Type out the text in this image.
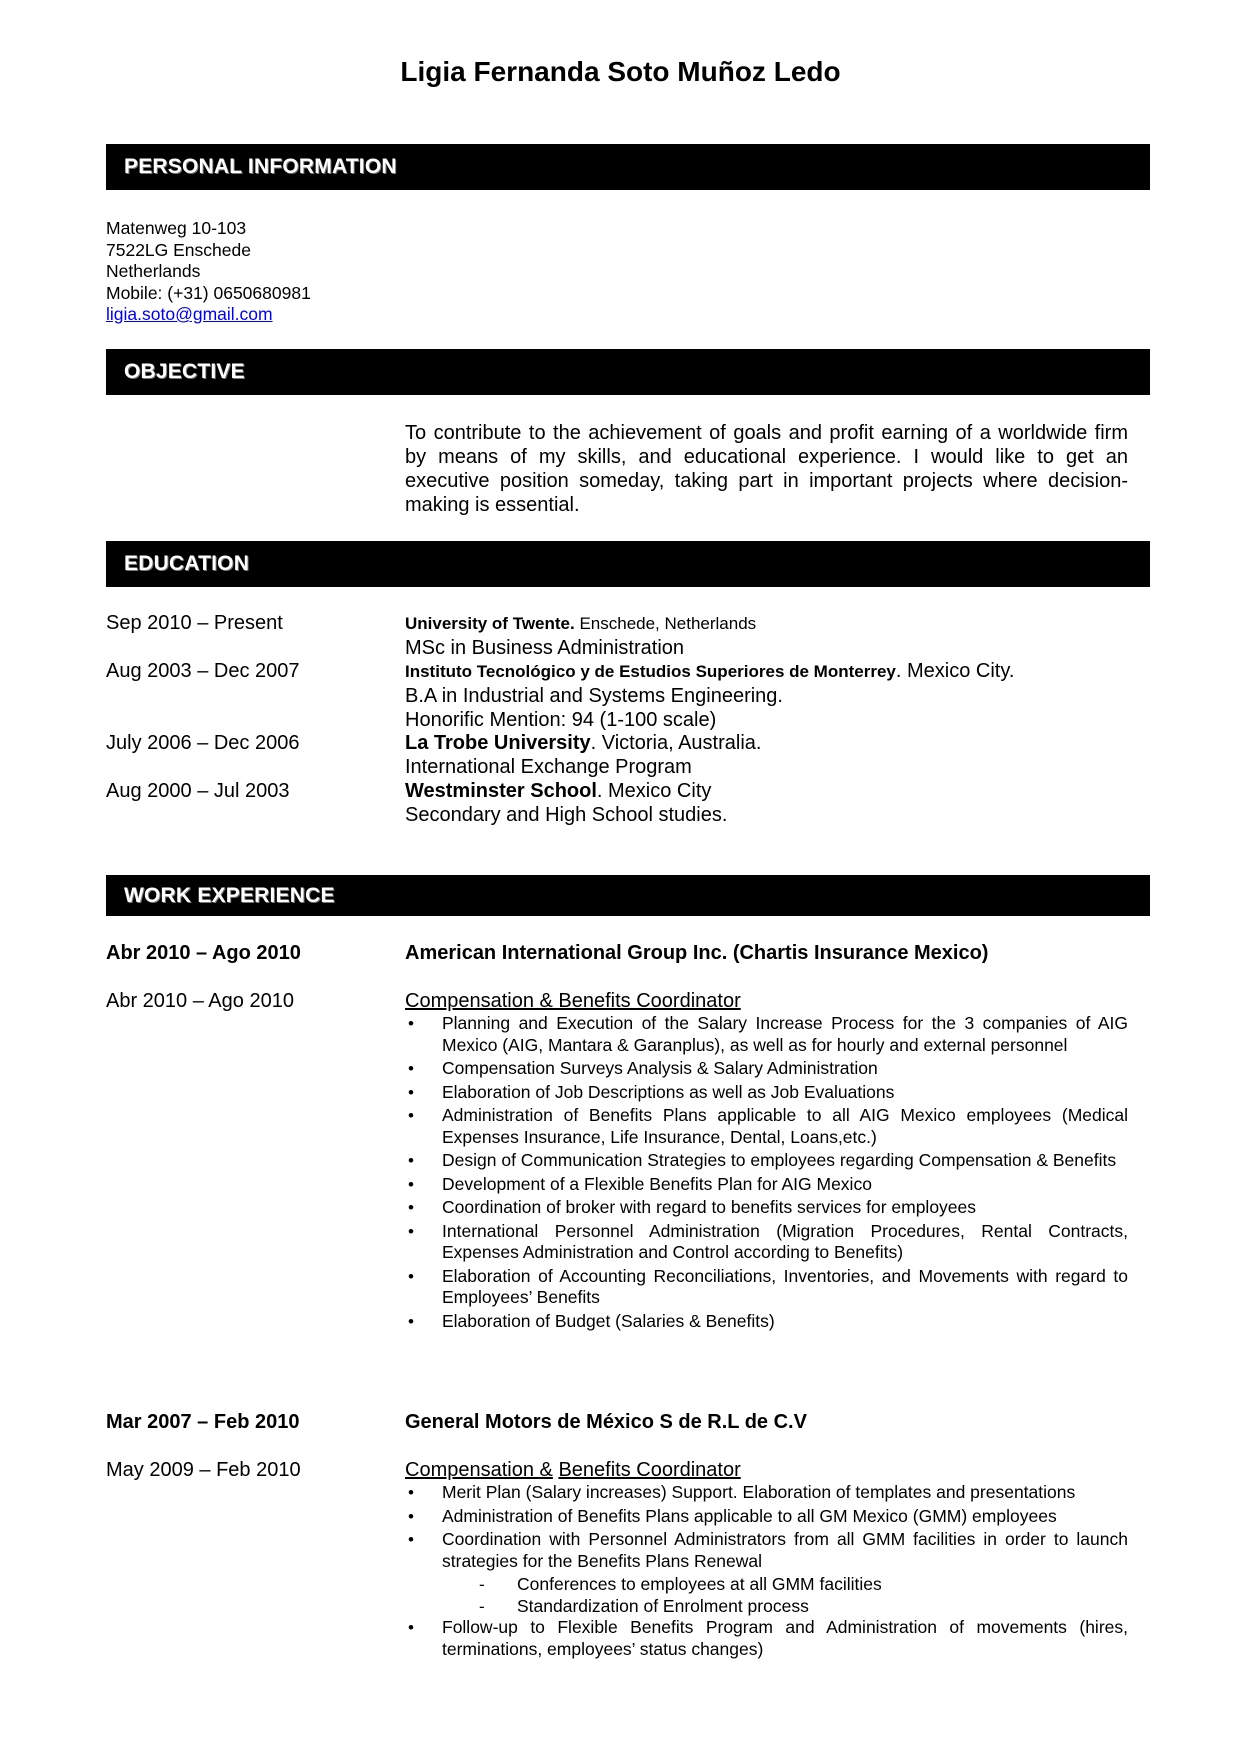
Ligia Fernanda Soto Muñoz Ledo
PERSONAL INFORMATION
Matenweg 10-103
7522LG Enschede
Netherlands
Mobile: (+31) 0650680981
ligia.soto@gmail.com
OBJECTIVE
To contribute to the achievement of goals and profit earning of a worldwide firm by means of my skills, and educational experience. I would like to get an executive position someday, taking part in important projects where decision-making is essential.
EDUCATION
Sep 2010 – Present	University of Twente. Enschede, Netherlands
MSc in Business Administration
Aug 2003 – Dec 2007	Instituto Tecnológico y de Estudios Superiores de Monterrey. Mexico City.
B.A in Industrial and Systems Engineering.
Honorific Mention: 94 (1-100 scale)
July 2006 – Dec 2006	La Trobe University. Victoria, Australia.
International Exchange Program
Aug 2000 – Jul 2003	Westminster School. Mexico City
Secondary and High School studies.
WORK EXPERIENCE
Abr 2010 – Ago 2010	American International Group Inc. (Chartis Insurance Mexico)
Abr 2010 – Ago 2010	Compensation & Benefits Coordinator
• Planning and Execution of the Salary Increase Process for the 3 companies of AIG Mexico (AIG, Mantara & Garanplus), as well as for hourly and external personnel
• Compensation Surveys Analysis & Salary Administration
• Elaboration of Job Descriptions as well as Job Evaluations
• Administration of Benefits Plans applicable to all AIG Mexico employees (Medical Expenses Insurance, Life Insurance, Dental, Loans,etc.)
• Design of Communication Strategies to employees regarding Compensation & Benefits
• Development of a Flexible Benefits Plan for AIG Mexico
• Coordination of broker with regard to benefits services for employees
• International Personnel Administration (Migration Procedures, Rental Contracts, Expenses Administration and Control according to Benefits)
• Elaboration of Accounting Reconciliations, Inventories, and Movements with regard to Employees’ Benefits
• Elaboration of Budget (Salaries & Benefits)
Mar 2007 – Feb 2010	General Motors de México S de R.L de C.V
May 2009 – Feb 2010	Compensation & Benefits Coordinator
• Merit Plan (Salary increases) Support. Elaboration of templates and presentations
• Administration of Benefits Plans applicable to all GM Mexico (GMM) employees
• Coordination with Personnel Administrators from all GMM facilities in order to launch strategies for the Benefits Plans Renewal
- Conferences to employees at all GMM facilities
- Standardization of Enrolment process
• Follow-up to Flexible Benefits Program and Administration of movements (hires, terminations, employees’ status changes)
